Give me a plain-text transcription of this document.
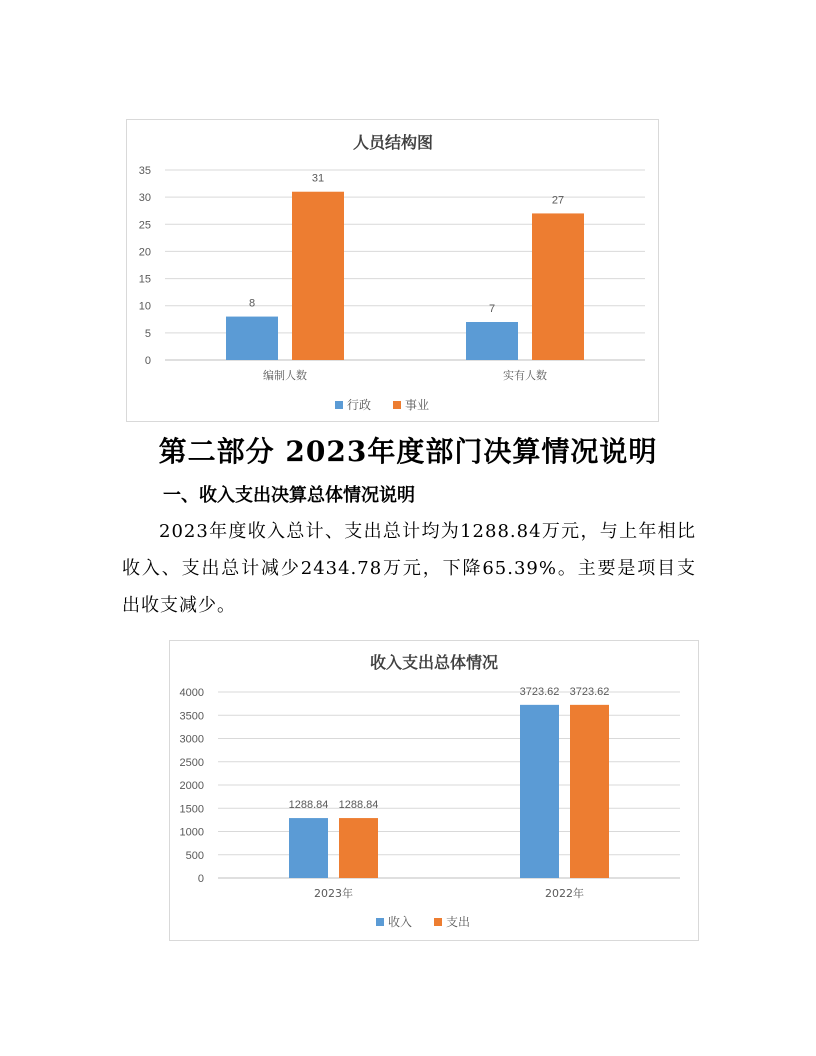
人员结构图
0
5
10
15
20
25
30
35
8
31
编制人数
7
27
实有人数
行政	事业
第二部分 2023年度部门决算情况说明
一、收入支出决算总体情况说明
2023年度收入总计、支出总计均为1288.84万元，与上年相比收入、支出总计减少2434.78万元，下降65.39%。主要是项目支出收支减少。
收入支出总体情况
0
500
1000
1500
2000
2500
3000
3500
4000
1288.84 1288.84
2023年
3723.62 3723.62
2022年
收入	支出
